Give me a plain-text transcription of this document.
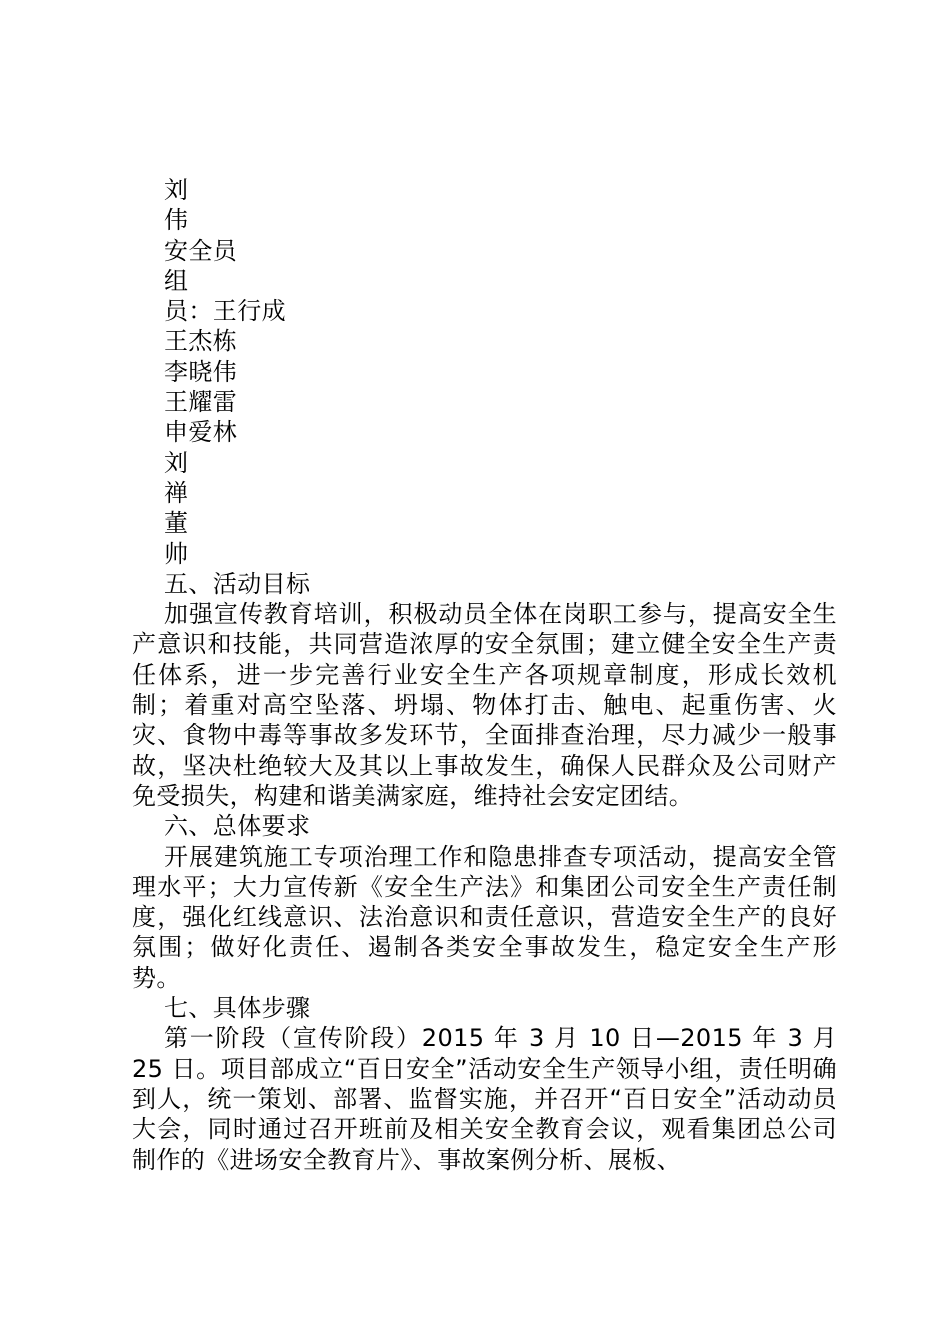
刘

伟

安全员

组

员：王行成

王杰栋

李晓伟

王耀雷

申爱林

刘

禅

董

帅

五、活动目标

加强宣传教育培训，积极动员全体在岗职工参与，提高安全生产意识和技能，共同营造浓厚的安全氛围；建立健全安全生产责任体系，进一步完善行业安全生产各项规章制度，形成长效机制；着重对高空坠落、坍塌、物体打击、触电、起重伤害、火灾、食物中毒等事故多发环节，全面排查治理，尽力减少一般事故，坚决杜绝较大及其以上事故发生，确保人民群众及公司财产免受损失，构建和谐美满家庭，维持社会安定团结。

六、总体要求

开展建筑施工专项治理工作和隐患排查专项活动，提高安全管理水平；大力宣传新《安全生产法》和集团公司安全生产责任制度，强化红线意识、法治意识和责任意识，营造安全生产的良好氛围；做好化责任、遏制各类安全事故发生，稳定安全生产形势。

七、具体步骤

第一阶段（宣传阶段）2015 年 3 月 10 日—2015 年 3 月 25 日。项目部成立“百日安全”活动安全生产领导小组，责任明确到人，统一策划、部署、监督实施，并召开“百日安全”活动动员大会，同时通过召开班前及相关安全教育会议，观看集团总公司制作的《进场安全教育片》、事故案例分析、展板、
